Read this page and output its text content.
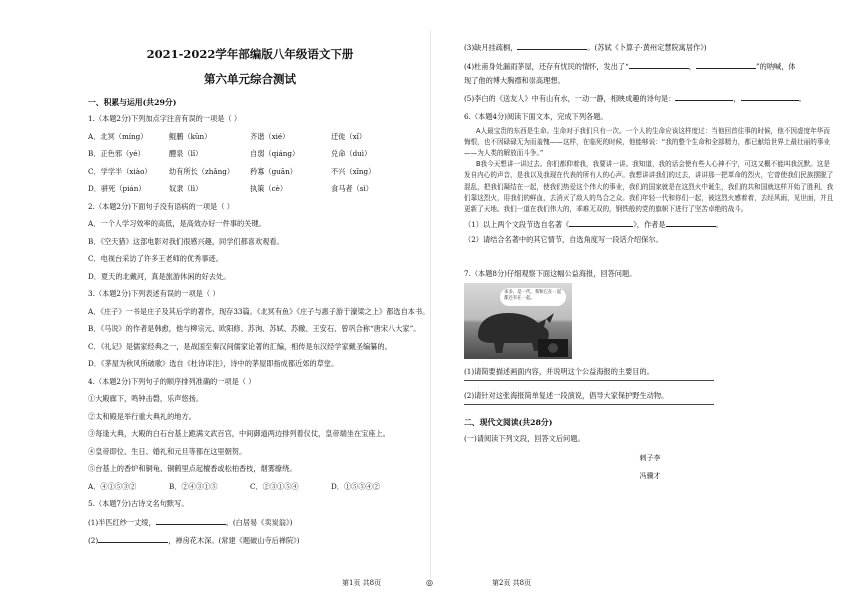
2021-2022学年部编版八年级语文下册
第六单元综合测试
一、积累与运用(共29分)
1.（本题2分)下列加点字注音有误的一项是（ ）
A．北冥（míng）	鲲鹏（kūn）	齐谐（xié）	迁徙（xǐ）
B．正色邪（yé）	醴泉（lǐ）	自弱（qiáng）	兑命（duì）
C．学学半（xiào）	幼有所长（zhǎng）	矜寡（guān）	不兴（xīng）
D．骈死（pián）	奴隶（lì）	执策（cè）	食马者（sì）
2.（本题2分)下面句子没有语病的一项是（ ）
A．一个人学习效率的高低，是高效办好一件事的关键。
B．《空天猎》这部电影对我们很感兴趣，同学们都喜欢观看。
C．电视台采访了许多王老师的优秀事迹。
D．夏天的北戴河，真是旅游休闲的好去处。
3.（本题2分)下列表述有误的一项是（ ）
A．《庄子》一书是庄子及其后学的著作，现存33篇。《北冥有鱼》《庄子与惠子游于濠梁之上》都选自本书。
B．《马说》的作者是韩愈，他与柳宗元、欧阳修、苏洵、苏轼、苏辙、王安石、曾巩合称“唐宋八大家”。
C．《礼记》是儒家经典之一，是战国至秦汉间儒家论著的汇编，相传是东汉经学家戴圣编纂的。
D．《茅屋为秋风所破歌》选自《杜诗详注》，诗中的茅屋即指成都近郊的草堂。
4.（本题2分)下列句子的顺序排列准确的一项是（ ）
①大殿廊下，鸣钟击磬，乐声悠扬。
②太和殿是举行重大典礼的地方。
③每逢大典，大殿的白石台基上跪满文武百官，中间御道两边排列着仪仗，皇帝端坐在宝座上。
④皇帝即位、生日、婚礼和元旦等都在这里朝贺。
⑤台基上的香炉和铜龟、铜鹤里点起檀香或松柏香枝，烟雾缭绕。
A．④①⑤③②	B．②④③①⑤	C．②③①⑤④	D．①⑤⑤④②
5.（本题7分)古诗文名句默写。
(1)半匹红纱一丈绫，	。(白居易《卖炭翁》)
(2)	，禅房花木深。(常建《题破山寺后禅院》)
(3)缺月挂疏桐，	。(苏轼《卜算子·黄州定慧院寓居作》)
(4)杜甫身处漏雨茅屋，还存有忧民的情怀，发出了“	，	”的呐喊，体
现了他的博大胸襟和崇高理想。
(5)李白的《送友人》中有山有水，一动一静，相映成趣的诗句是：	，	。
6.（本题4分)阅读下面文本，完成下列各题。

A人最宝贵的东西是生命。生命对于我们只有一次。一个人的生命应该这样度过：当他回首往事的时候，他不因虚度年华而悔恨，也不因碌碌无为而羞愧——这样，在临死的时候，他能够说：“我的整个生命和全部精力，都已献给世界上最壮丽的事业——为人类的解放而斗争。”

B我今天想讲一讲过去。你们都仰着我，我要讲一讲。我知道，我的话会使有些人心神不宁，可这又概不能叫我沉默。这是发自内心的声音，是我以及我现在代表的所有人的心声。我想讲讲我们的过去，讲讲那一把革命的烈火，它曾使我们民族摆脱了混乱，把我们凝结在一起，使我们热爱这个伟大的事业，我们的国家就是在这烈火中诞生，我们的共和国就这样开始了胜利，我们靠这烈火，用我们的鲜血，去消灭了敌人的鸟合之众。我们年轻一代和你们一起，被这烈火感着着，去经风雨，见世面，并且更新了天地。我们一道在我们伟大的，乖难无双的，钢铁般的党的旗帜下进行了坚苦卓绝的战斗。

（1）以上两个文段节选自名著《	》，作者是	。
（2）请结合名著中的其它情节，自选角度写一段话介绍保尔。
7.（本题8分)仔细观察下面这幅公益海报，回答问题。
来多、是一代，我和它在一起都还有在一起。
(1)请简要描述画面内容，并说明这个公益海报的主要目的。
(2)请针对这张海报简单复述一段演说，倡导大家保护野生动物。
二、现代文阅读(共28分)
(一)请阅读下列文段，回答文后问题。
刺子李
冯骥才
第1页 共8页	◎	第2页 共8页
